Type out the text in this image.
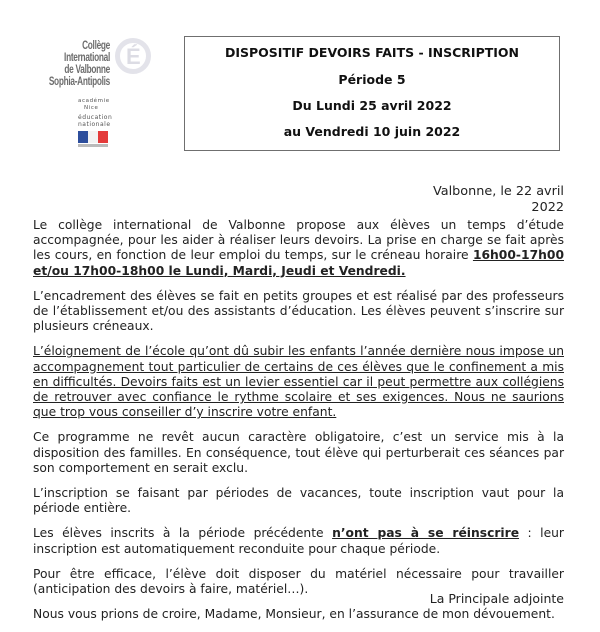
Collège International
de Valbonne
Sophia-Antipolis
É
académie
Nice
éducation
nationale
DISPOSITIF DEVOIRS FAITS - INSCRIPTION
Période 5
Du Lundi 25 avril 2022
au Vendredi 10 juin 2022
Valbonne, le 22 avril
2022

Le collège international de Valbonne propose aux élèves un temps d’étude accompagnée, pour les aider à réaliser leurs devoirs. La prise en charge se fait après les cours, en fonction de leur emploi du temps, sur le créneau horaire 16h00-17h00 et/ou 17h00-18h00 le Lundi, Mardi, Jeudi et Vendredi.

L’encadrement des élèves se fait en petits groupes et est réalisé par des professeurs de l’établissement et/ou des assistants d’éducation. Les élèves peuvent s’inscrire sur plusieurs créneaux.

L’éloignement de l’école qu’ont dû subir les enfants l’année dernière nous impose un accompagnement tout particulier de certains de ces élèves que le confinement a mis en difficultés. Devoirs faits est un levier essentiel car il peut permettre aux collégiens de retrouver avec confiance le rythme scolaire et ses exigences. Nous ne saurions que trop vous conseiller d’y inscrire votre enfant.

Ce programme ne revêt aucun caractère obligatoire, c’est un service mis à la disposition des familles. En conséquence, tout élève qui perturberait ces séances par son comportement en serait exclu.

L’inscription se faisant par périodes de vacances, toute inscription vaut pour la période entière.

Les élèves inscrits à la période précédente n’ont pas à se réinscrire : leur inscription est automatiquement reconduite pour chaque période.

Pour être efficace, l’élève doit disposer du matériel nécessaire pour travailler (anticipation des devoirs à faire, matériel…).

Nous vous prions de croire, Madame, Monsieur, en l’assurance de mon dévouement.

La Principale adjointe
